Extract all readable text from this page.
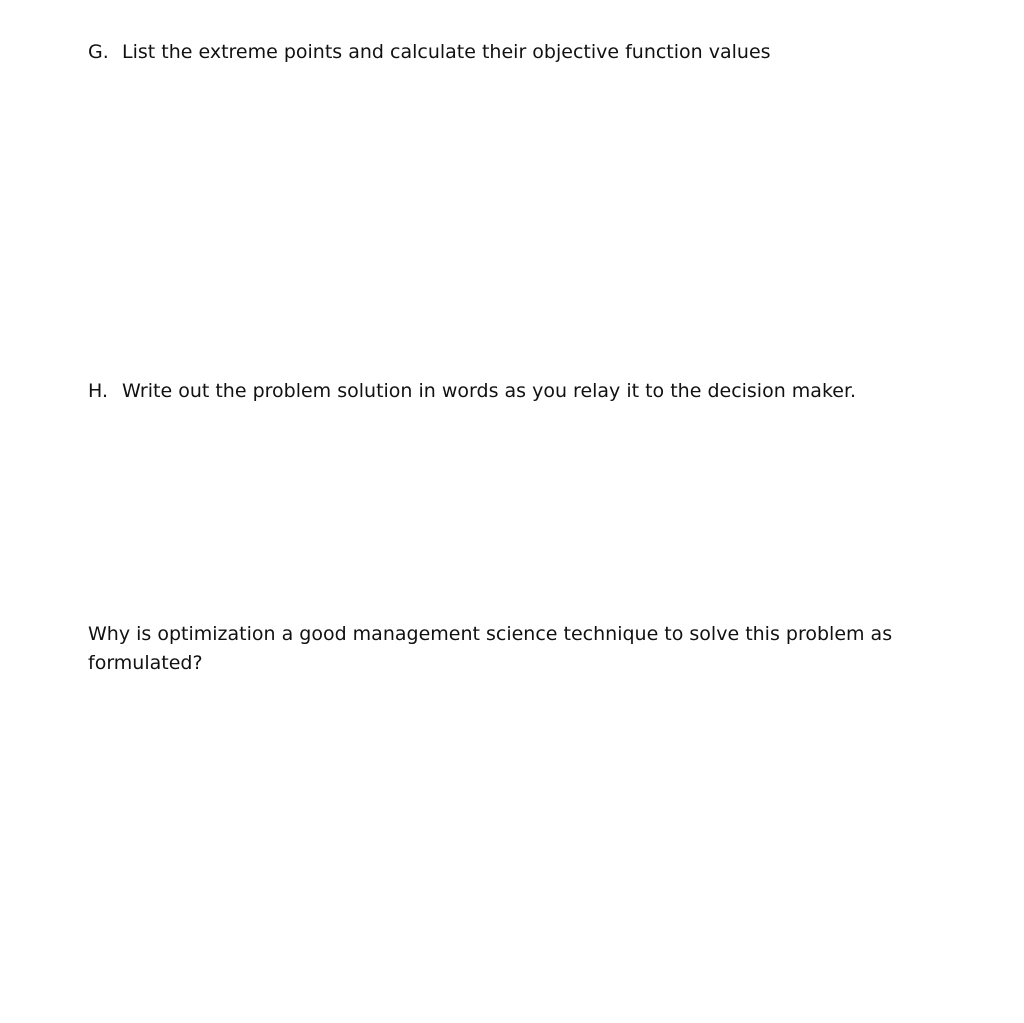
G. List the extreme points and calculate their objective function values
H. Write out the problem solution in words as you relay it to the decision maker.
Why is optimization a good management science technique to solve this problem as
formulated?
